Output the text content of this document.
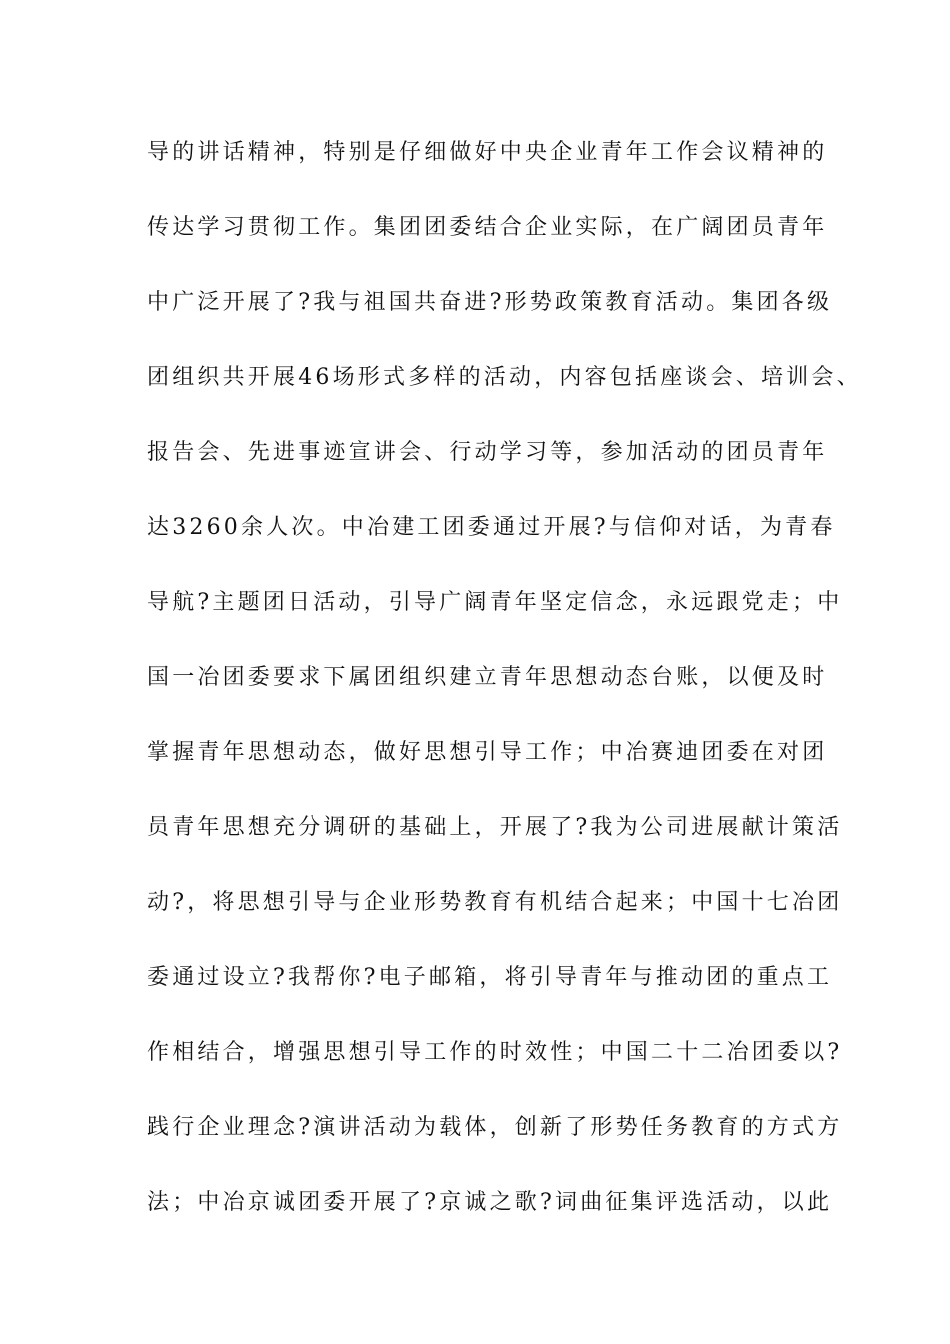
导的讲话精神，特别是仔细做好中央企业青年工作会议精神的
传达学习贯彻工作。集团团委结合企业实际，在广阔团员青年
中广泛开展了?我与祖国共奋进?形势政策教育活动。集团各级
团组织共开展46场形式多样的活动，内容包括座谈会、培训会、
报告会、先进事迹宣讲会、行动学习等，参加活动的团员青年
达3260余人次。中冶建工团委通过开展?与信仰对话，为青春
导航?主题团日活动，引导广阔青年坚定信念，永远跟党走；中
国一冶团委要求下属团组织建立青年思想动态台账，以便及时
掌握青年思想动态，做好思想引导工作；中冶赛迪团委在对团
员青年思想充分调研的基础上，开展了?我为公司进展献计策活
动?，将思想引导与企业形势教育有机结合起来；中国十七冶团
委通过设立?我帮你?电子邮箱，将引导青年与推动团的重点工
作相结合，增强思想引导工作的时效性；中国二十二冶团委以?
践行企业理念?演讲活动为载体，创新了形势任务教育的方式方
法；中冶京诚团委开展了?京诚之歌?词曲征集评选活动，以此
